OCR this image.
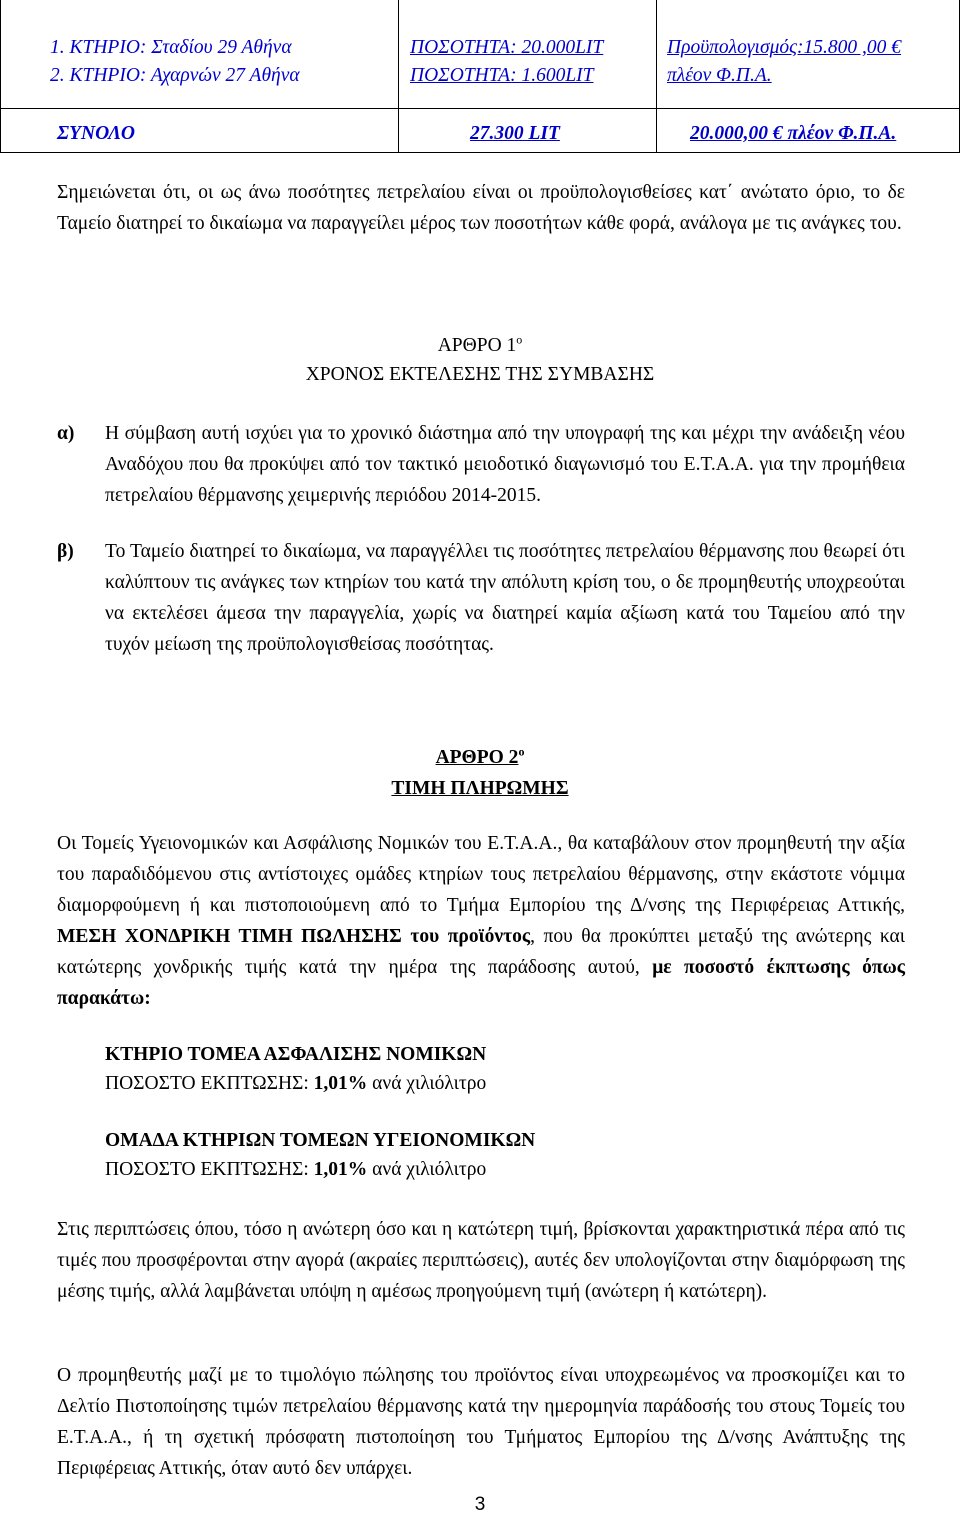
1. ΚΤΗΡΙΟ: Σταδίου 29 Αθήνα
2. ΚΤΗΡΙΟ: Αχαρνών 27 Αθήνα
ΠΟΣΟΤΗΤΑ: 20.000LIT
ΠΟΣΟΤΗΤΑ: 1.600LIT
Προϋπολογισμός:15.800 ,00 €
πλέον Φ.Π.Α.
ΣΥΝΟΛΟ	27.300 LIT	20.000,00 € πλέον Φ.Π.Α.
Σημειώνεται ότι, οι ως άνω ποσότητες πετρελαίου είναι οι προϋπολογισθείσες κατ΄ ανώτατο όριο, το δε Ταμείο διατηρεί το δικαίωμα να παραγγείλει μέρος των ποσοτήτων κάθε φορά, ανάλογα με τις ανάγκες του.
ΑΡΘΡΟ $1^o$
ΧΡΟΝΟΣ ΕΚΤΕΛΕΣΗΣ ΤΗΣ ΣΥΜΒΑΣΗΣ
α) Η σύμβαση αυτή ισχύει για το χρονικό διάστημα από την υπογραφή της και μέχρι την ανάδειξη νέου Αναδόχου που θα προκύψει από τον τακτικό μειοδοτικό διαγωνισμό του Ε.Τ.Α.Α. για την προμήθεια πετρελαίου θέρμανσης χειμερινής περιόδου 2014-2015.
β) Το Ταμείο διατηρεί το δικαίωμα, να παραγγέλλει τις ποσότητες πετρελαίου θέρμανσης που θεωρεί ότι καλύπτουν τις ανάγκες των κτηρίων του κατά την απόλυτη κρίση του, ο δε προμηθευτής υποχρεούται να εκτελέσει άμεσα την παραγγελία, χωρίς να διατηρεί καμία αξίωση κατά του Ταμείου από την τυχόν μείωση της προϋπολογισθείσας ποσότητας.
ΑΡΘΡΟ $2^o$
ΤΙΜΗ ΠΛΗΡΩΜΗΣ
Οι Τομείς Υγειονομικών και Ασφάλισης Νομικών του Ε.Τ.Α.Α., θα καταβάλουν στον προμηθευτή την αξία του παραδιδόμενου στις αντίστοιχες ομάδες κτηρίων τους πετρελαίου θέρμανσης, στην εκάστοτε νόμιμα διαμορφούμενη ή και πιστοποιούμενη από το Τμήμα Εμπορίου της Δ/νσης της Περιφέρειας Αττικής, ΜΕΣΗ ΧΟΝΔΡΙΚΗ ΤΙΜΗ ΠΩΛΗΣΗΣ του προϊόντος, που θα προκύπτει μεταξύ της ανώτερης και κατώτερης χονδρικής τιμής κατά την ημέρα της παράδοσης αυτού, με ποσοστό έκπτωσης όπως παρακάτω:
ΚΤΗΡΙΟ ΤΟΜΕΑ ΑΣΦΑΛΙΣΗΣ ΝΟΜΙΚΩΝ
ΠΟΣΟΣΤΟ ΕΚΠΤΩΣΗΣ: 1,01% ανά χιλιόλιτρο
ΟΜΑΔΑ ΚΤΗΡΙΩΝ ΤΟΜΕΩΝ ΥΓΕΙΟΝΟΜΙΚΩΝ
ΠΟΣΟΣΤΟ ΕΚΠΤΩΣΗΣ: 1,01% ανά χιλιόλιτρο
Στις περιπτώσεις όπου, τόσο η ανώτερη όσο και η κατώτερη τιμή, βρίσκονται χαρακτηριστικά πέρα από τις τιμές που προσφέρονται στην αγορά (ακραίες περιπτώσεις), αυτές δεν υπολογίζονται στην διαμόρφωση της μέσης τιμής, αλλά λαμβάνεται υπόψη η αμέσως προηγούμενη τιμή (ανώτερη ή κατώτερη).
Ο προμηθευτής μαζί με το τιμολόγιο πώλησης του προϊόντος είναι υποχρεωμένος να προσκομίζει και το Δελτίο Πιστοποίησης τιμών πετρελαίου θέρμανσης κατά την ημερομηνία παράδοσής του στους Τομείς του Ε.Τ.Α.Α., ή τη σχετική πρόσφατη πιστοποίηση του Τμήματος Εμπορίου της Δ/νσης Ανάπτυξης της Περιφέρειας Αττικής, όταν αυτό δεν υπάρχει.
3
